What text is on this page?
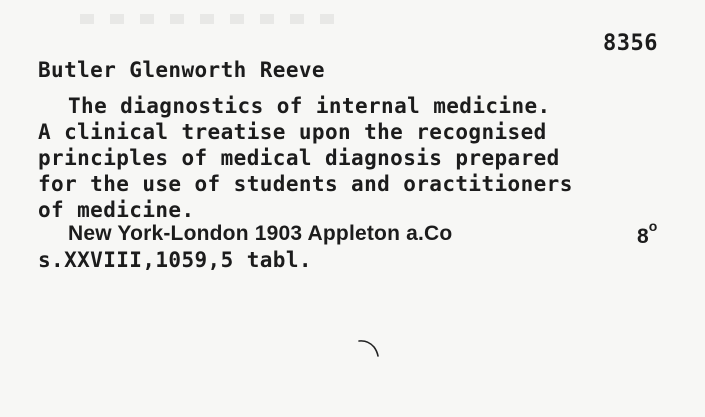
8356
Butler Glenworth Reeve
The diagnostics of internal medicine.
A clinical treatise upon the recognised
principles of medical diagnosis prepared
for the use of students and oractitioners
of medicine.
New York-London 1903 Appleton a.Co	8$^o$
s.XXVIII,1059,5 tabl.
